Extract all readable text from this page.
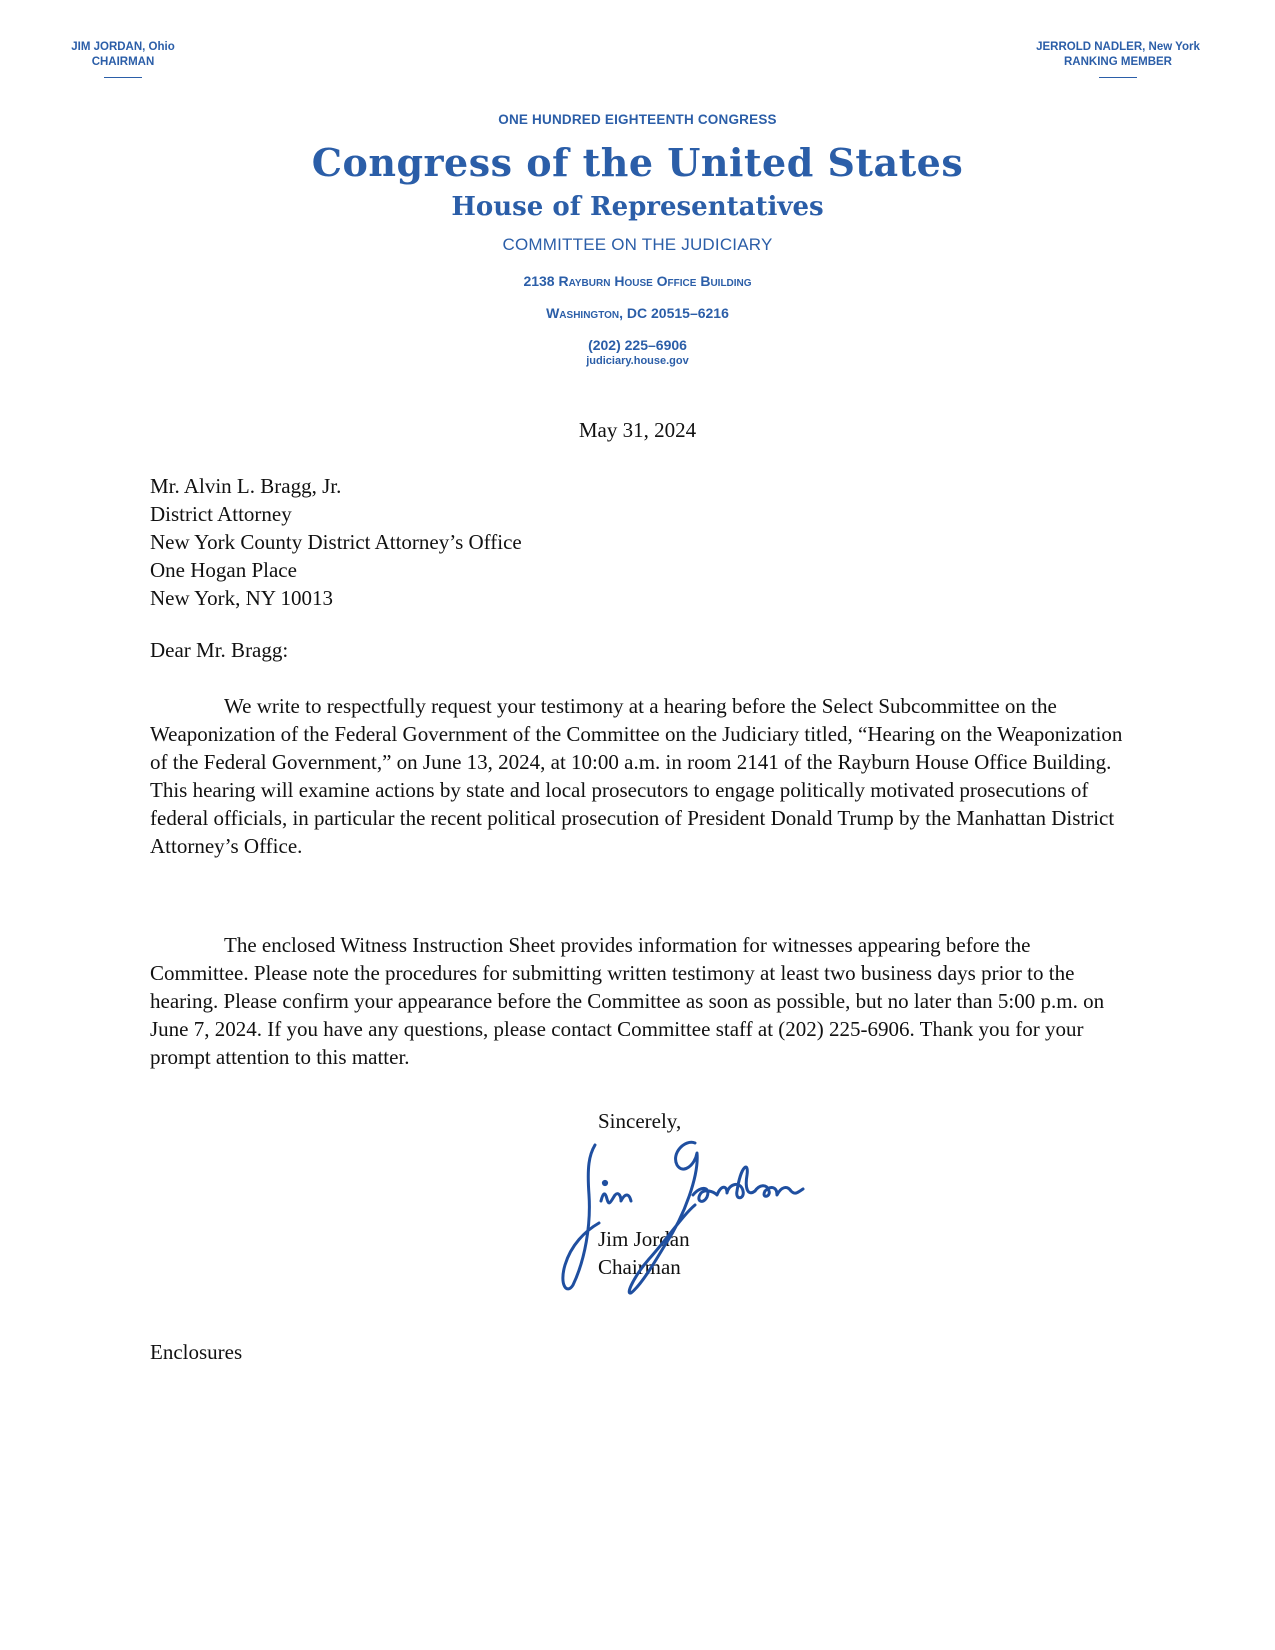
JIM JORDAN, Ohio
CHAIRMAN
JERROLD NADLER, New York
RANKING MEMBER
ONE HUNDRED EIGHTEENTH CONGRESS
Congress of the United States
House of Representatives
COMMITTEE ON THE JUDICIARY
2138 Rayburn House Office Building
Washington, DC 20515–6216
(202) 225–6906
judiciary.house.gov
May 31, 2024
Mr. Alvin L. Bragg, Jr.
District Attorney
New York County District Attorney’s Office
One Hogan Place
New York, NY 10013
Dear Mr. Bragg:

We write to respectfully request your testimony at a hearing before the Select Subcommittee on the Weaponization of the Federal Government of the Committee on the Judiciary titled, “Hearing on the Weaponization of the Federal Government,” on June 13, 2024, at 10:00 a.m. in room 2141 of the Rayburn House Office Building. This hearing will examine actions by state and local prosecutors to engage politically motivated prosecutions of federal officials, in particular the recent political prosecution of President Donald Trump by the Manhattan District Attorney’s Office.

The enclosed Witness Instruction Sheet provides information for witnesses appearing before the Committee. Please note the procedures for submitting written testimony at least two business days prior to the hearing. Please confirm your appearance before the Committee as soon as possible, but no later than 5:00 p.m. on June 7, 2024. If you have any questions, please contact Committee staff at (202) 225-6906. Thank you for your prompt attention to this matter.

Sincerely,
Jim Jordan
Chairman
Enclosures
